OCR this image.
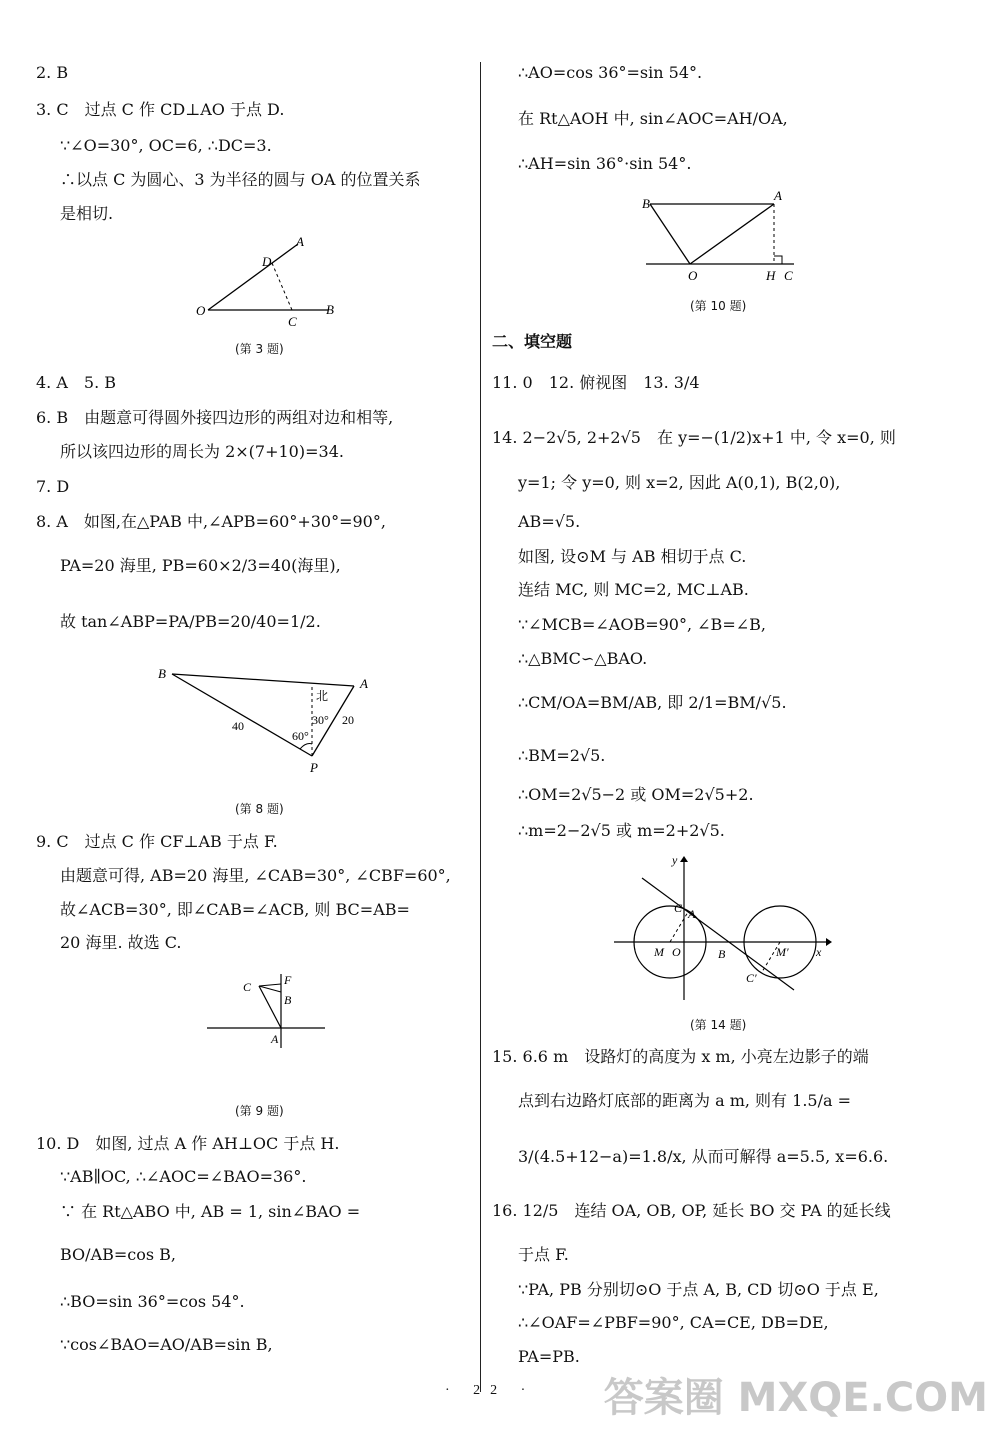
2. B
3. C　过点 C 作 CD⊥AO 于点 D.
∵∠O=30°, OC=6, ∴DC=3.
∴以点 C 为圆心、3 为半径的圆与 OA 的位置关系
是相切.
A
D
O
C
B
(第 3 题)
4. A　5. B
6. B　由题意可得圆外接四边形的两组对边和相等,
所以该四边形的周长为 2×(7+10)=34.
7. D
8. A　如图,在△PAB 中,∠APB=60°+30°=90°,
PA=20 海里, PB=60×2/3=40(海里),
故 tan∠ABP=PA/PB=20/40=1/2.
B
A
P
北
30°
60°
40	20
(第 8 题)
9. C　过点 C 作 CF⊥AB 于点 F.
由题意可得, AB=20 海里, ∠CAB=30°, ∠CBF=60°,
故∠ACB=30°, 即∠CAB=∠ACB, 则 BC=AB=
20 海里. 故选 C.
C	F
B
A
(第 9 题)
10. D　如图, 过点 A 作 AH⊥OC 于点 H.
∵AB∥OC, ∴∠AOC=∠BAO=36°.
∵ 在 Rt△ABO 中, AB = 1, sin∠BAO =
BO/AB=cos B,
∴BO=sin 36°=cos 54°.
∵cos∠BAO=AO/AB=sin B,
∴AO=cos 36°=sin 54°.
在 Rt△AOH 中, sin∠AOC=AH/OA,
∴AH=sin 36°·sin 54°.
B
A
O	H C
(第 10 题)
二、填空题
11. 0　12. 俯视图　13. 3/4
14. 2−2√5, 2+2√5　在 y=−(1/2)x+1 中, 令 x=0, 则
y=1; 令 y=0, 则 x=2, 因此 A(0,1), B(2,0),
AB=√5.
如图, 设⊙M 与 AB 相切于点 C.
连结 MC, 则 MC=2, MC⊥AB.
∵∠MCB=∠AOB=90°, ∠B=∠B,
∴△BMC∽△BAO.
∴CM/OA=BM/AB, 即 2/1=BM/√5.
∴BM=2√5.
∴OM=2√5−2 或 OM=2√5+2.
∴m=2−2√5 或 m=2+2√5.
y
x
C A
M O	B	M′
C′
(第 14 题)
15. 6.6 m　设路灯的高度为 x m, 小亮左边影子的端
点到右边路灯底部的距离为 a m, 则有 1.5/a =
3/(4.5+12−a)=1.8/x, 从而可解得 a=5.5, x=6.6.
16. 12/5　连结 OA, OB, OP, 延长 BO 交 PA 的延长线
于点 F.
∵PA, PB 分别切⊙O 于点 A, B, CD 切⊙O 于点 E,
∴∠OAF=∠PBF=90°, CA=CE, DB=DE,
PA=PB.
· 22 · 答案圈 MXQE.COM
